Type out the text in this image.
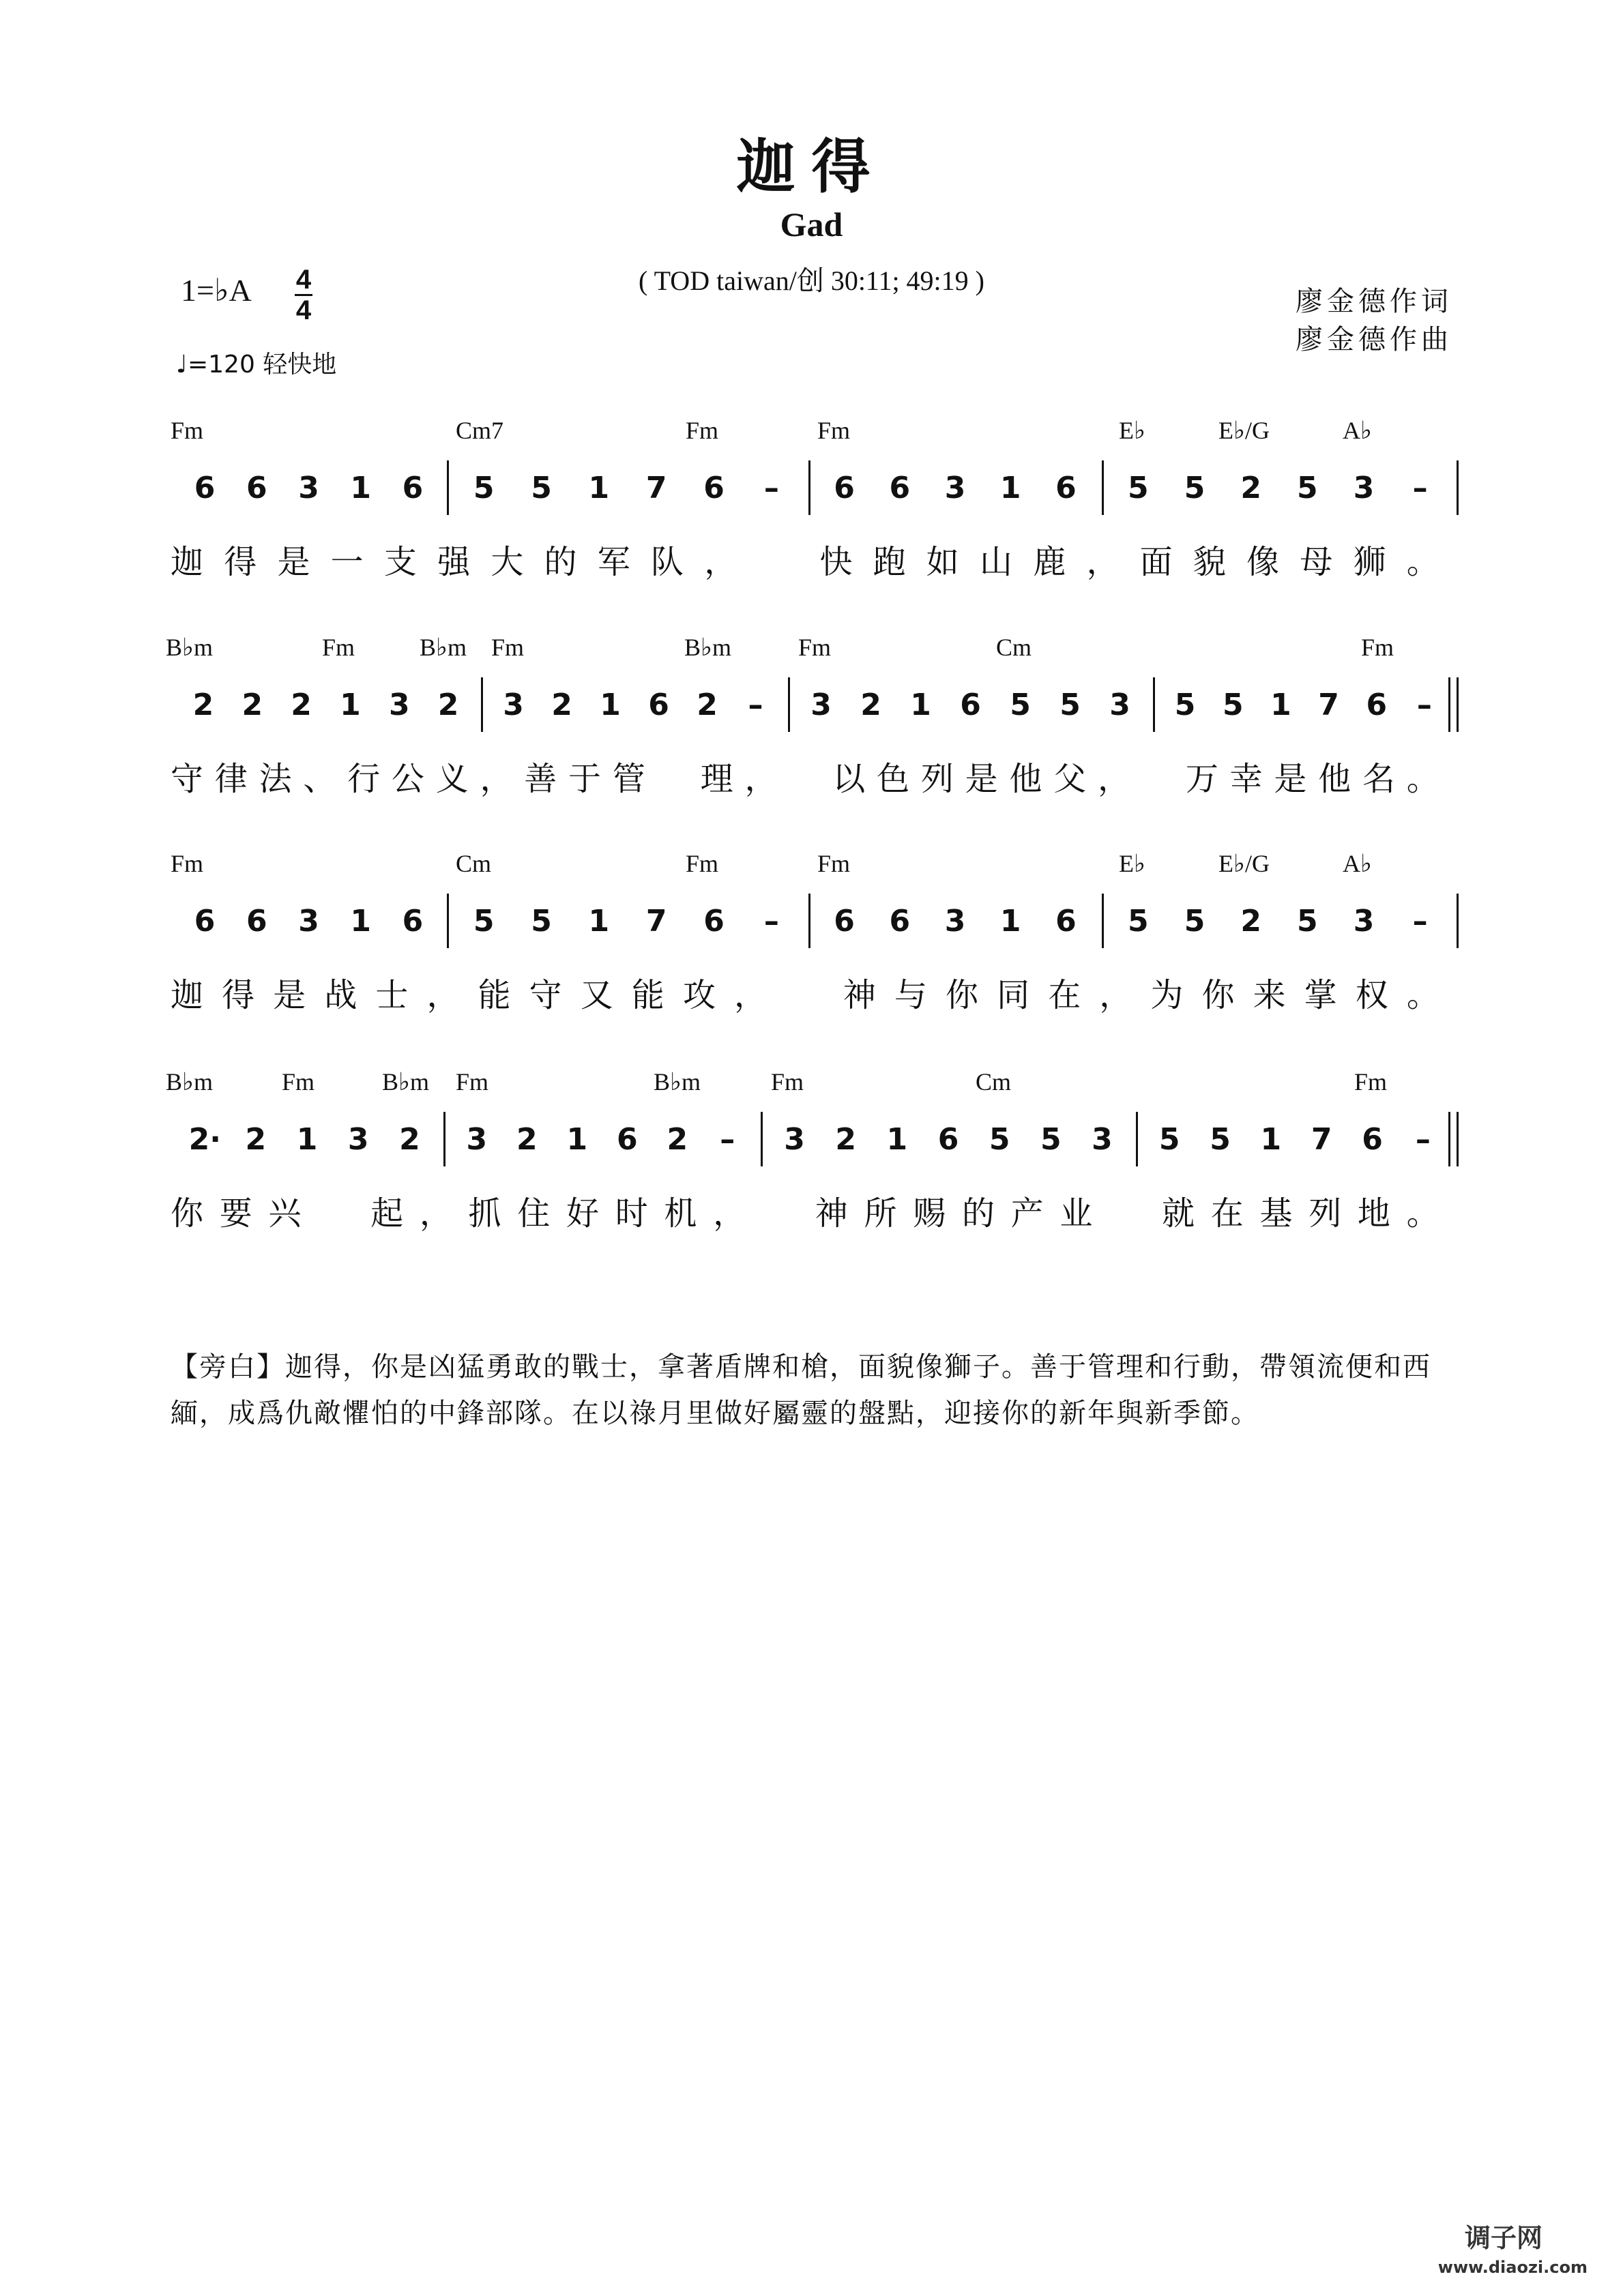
迦得
Gad
( TOD taiwan/创 30:11; 49:19 )
1=♭A 4
4
♩=120 轻快地
廖金德作词
廖金德作曲
Fm	Cm7	Fm	Fm	E♭	E♭/G	A♭
6 6 3 1 6 5 5 1 7 6 – 6 6 3 1 6 5 5 2 5 3 –
迦 得 是 一 支 强 大 的 军 队 ，

	快 跑 如 山 鹿 ， 面 貌 像 母 狮 。
B♭m	Fm	B♭m Fm	B♭m	Fm	Cm	Fm
2 2 2 1 3 2 3 2 1 6 2 – 3 2 1 6 5 5 3 5 5 1 7 6 –
守 律 法 、 行 公 义 ， 善 于 管

理 ，

以 色 列 是 他 父 ，

万 幸 是 他 名 。
Fm	Cm	Fm	Fm	E♭	E♭/G	A♭
6 6 3 1 6 5 5 1 7 6 – 6 6 3 1 6 5 5 2 5 3 –
迦 得 是 战 士 ， 能 守 又 能 攻 ，

神 与 你 同 在 ， 为 你 来 掌 权 。
B♭m	Fm	B♭m Fm	B♭m	Fm	Cm	Fm
2· 2 1 3 2 3 2 1 6 2 – 3 2 1 6 5 5 3 5 5 1 7 6 –
你 要 兴

起 ， 抓 住 好 时 机 ，

神 所 赐 的 产 业

就 在 基 列 地 。
【旁白】迦得，你是凶猛勇敢的戰士，拿著盾牌和槍，面貌像獅子。善于管理和行動，帶領流便和西緬，成爲仇敵懼怕的中鋒部隊。在以祿月里做好屬靈的盤點，迎接你的新年與新季節。
调子网
www.diaozi.com
